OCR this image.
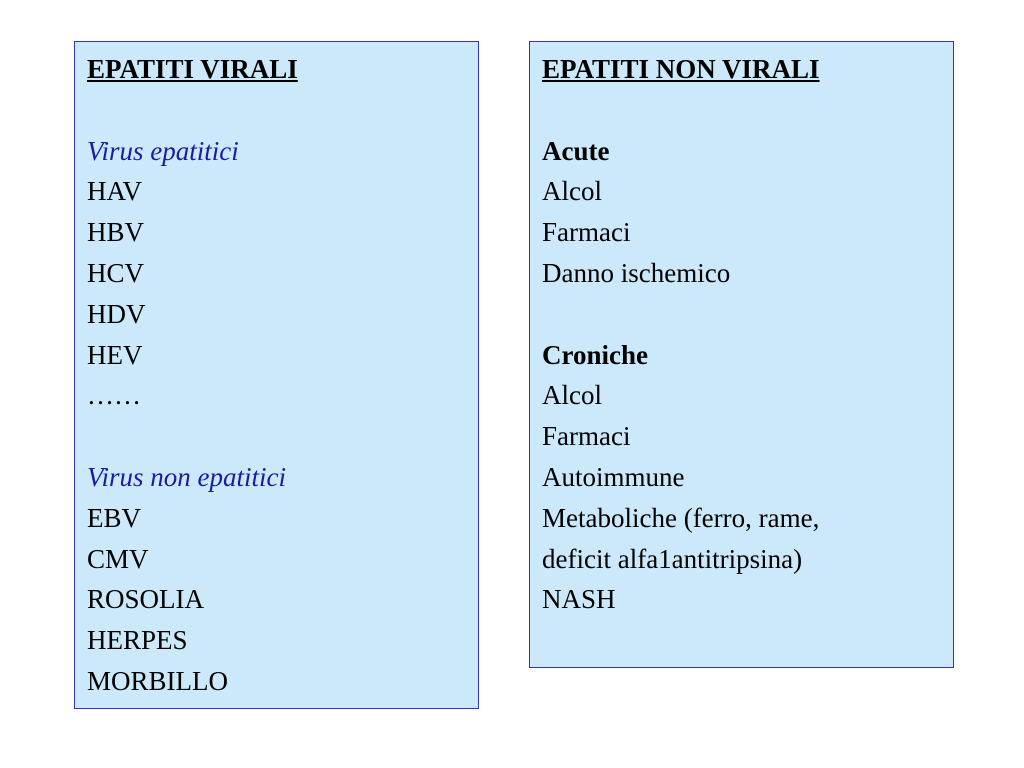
EPATITI VIRALI
Virus epatitici
HAV
HBV
HCV
HDV
HEV
……
Virus non epatitici
EBV
CMV
ROSOLIA
HERPES
MORBILLO
EPATITI NON VIRALI
Acute
Alcol
Farmaci
Danno ischemico
Croniche
Alcol
Farmaci
Autoimmune
Metaboliche (ferro, rame,
deficit alfa1antitripsina)
NASH
